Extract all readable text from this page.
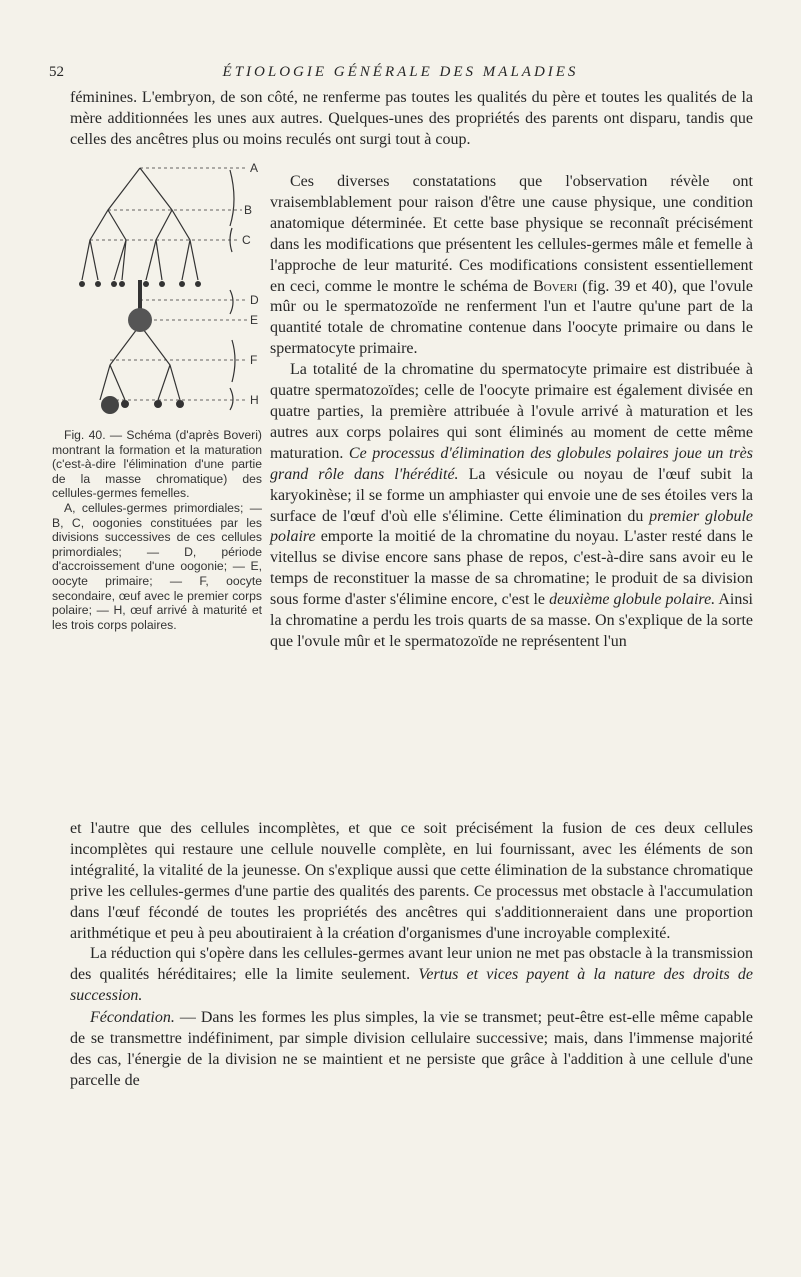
52	ÉTIOLOGIE GÉNÉRALE DES MALADIES

féminines. L'embryon, de son côté, ne renferme pas toutes les qualités du père et toutes les qualités de la mère additionnées les unes aux autres. Quelques-unes des propriétés des parents ont disparu, tandis que celles des ancêtres plus ou moins reculés ont surgi tout à coup.

A
B
C
D
E
F
H

Fig. 40. — Schéma (d'après Boveri) montrant la formation et la maturation (c'est-à-dire l'élimination d'une partie de la masse chromatique) des cellules-germes femelles.

A, cellules-germes primordiales; — B, C, oogonies constituées par les divisions successives de ces cellules primordiales; — D, période d'accroissement d'une oogonie; — E, oocyte primaire; — F, oocyte secondaire, œuf avec le premier corps polaire; — H, œuf arrivé à maturité et les trois corps polaires.

Ces diverses constatations que l'observation révèle ont vraisemblablement pour raison d'être une cause physique, une condition anatomique déterminée. Et cette base physique se reconnaît précisément dans les modifications que présentent les cellules-germes mâle et femelle à l'approche de leur maturité. Ces modifications consistent essentiellement en ceci, comme le montre le schéma de Boveri (fig. 39 et 40), que l'ovule mûr ou le spermatozoïde ne renferment l'un et l'autre qu'une part de la quantité totale de chromatine contenue dans l'oocyte primaire ou dans le spermatocyte primaire.

La totalité de la chromatine du spermatocyte primaire est distribuée à quatre spermatozoïdes; celle de l'oocyte primaire est également divisée en quatre parties, la première attribuée à l'ovule arrivé à maturation et les autres aux corps polaires qui sont éliminés au moment de cette même maturation. Ce processus d'élimination des globules polaires joue un très grand rôle dans l'hérédité. La vésicule ou noyau de l'œuf subit la karyokinèse; il se forme un amphiaster qui envoie une de ses étoiles vers la surface de l'œuf d'où elle s'élimine. Cette élimination du premier globule polaire emporte la moitié de la chromatine du noyau. L'aster resté dans le vitellus se divise encore sans phase de repos, c'est-à-dire sans avoir eu le temps de reconstituer la masse de sa chromatine; le produit de sa division sous forme d'aster s'élimine encore, c'est le deuxième globule polaire. Ainsi la chromatine a perdu les trois quarts de sa masse. On s'explique de la sorte que l'ovule mûr et le spermatozoïde ne représentent l'un

et l'autre que des cellules incomplètes, et que ce soit précisément la fusion de ces deux cellules incomplètes qui restaure une cellule nouvelle complète, en lui fournissant, avec les éléments de son intégralité, la vitalité de la jeunesse. On s'explique aussi que cette élimination de la substance chromatique prive les cellules-germes d'une partie des qualités des parents. Ce processus met obstacle à l'accumulation dans l'œuf fécondé de toutes les propriétés des ancêtres qui s'additionneraient dans une proportion arithmétique et peu à peu aboutiraient à la création d'organismes d'une incroyable complexité.

La réduction qui s'opère dans les cellules-germes avant leur union ne met pas obstacle à la transmission des qualités héréditaires; elle la limite seulement. Vertus et vices payent à la nature des droits de succession.

Fécondation. — Dans les formes les plus simples, la vie se transmet; peut-être est-elle même capable de se transmettre indéfiniment, par simple division cellulaire successive; mais, dans l'immense majorité des cas, l'énergie de la division ne se maintient et ne persiste que grâce à l'addition à une cellule d'une parcelle de
